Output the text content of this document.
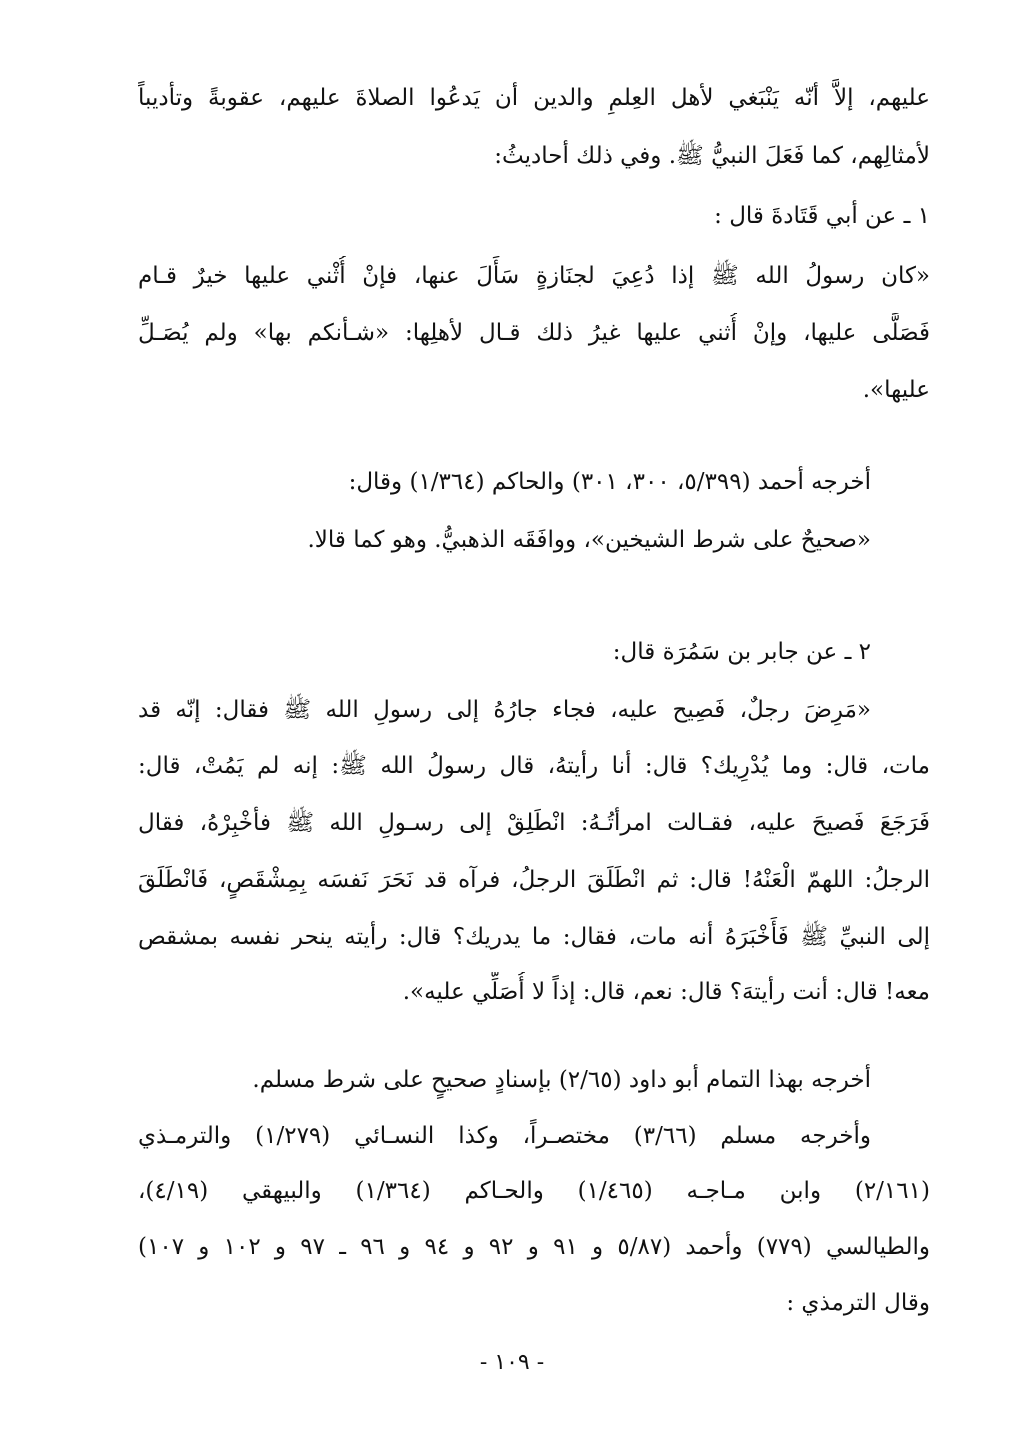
عليهم، إلاَّ أنّه يَنْبَغي لأهل العِلمِ والدين أن يَدعُوا الصلاةَ عليهم، عقوبةً وتأديباً
لأمثالِهم، كما فَعَلَ النبيُّ ﷺ. وفي ذلك أحاديثُ:
١ ـ عن أبي قَتَادةَ قال :
«كان رسولُ الله ﷺ إذا دُعِيَ لجنَازةٍ سَأَلَ عنها، فإنْ أُثْني عليها خيرٌ قـام
فَصَلَّى عليها، وإنْ أُثني عليها غيرُ ذلك قـال لأهلِها: «شـأنكم بها» ولم يُصَـلِّ
عليها».
أخرجه أحمد (٥/٣٩٩، ٣٠٠، ٣٠١) والحاكم (١/٣٦٤) وقال:
«صحيحٌ على شرط الشيخين»، ووافَقَه الذهبيُّ. وهو كما قالا.
٢ ـ عن جابر بن سَمُرَة قال:
«مَرِضَ رجلٌ، فَصِيح عليه، فجاء جارُهُ إلى رسولِ الله ﷺ فقال: إنّه قد
مات، قال: وما يُدْرِيك؟ قال: أنا رأيتهُ، قال رسولُ الله ﷺ: إنه لم يَمُتْ، قال:
فَرَجَعَ فَصيحَ عليه، فقـالت امرأتُـهُ: انْطَلِقْ إلى رسـولِ الله ﷺ فأخْبِرْهُ، فقال
الرجلُ: اللهمّ الْعَنْهُ! قال: ثم انْطَلَقَ الرجلُ، فرآه قد نَحَرَ نَفسَه بِمِشْقَصٍ، فَانْطَلَقَ
إلى النبيِّ ﷺ فَأَخْبَرَهُ أنه مات، فقال: ما يدريك؟ قال: رأيته ينحر نفسه بمشقص
معه! قال: أنت رأيتهَ؟ قال: نعم، قال: إذاً لا أُصَلِّي عليه».
أخرجه بهذا التمام أبو داود (٢/٦٥) بإسنادٍ صحيحٍ على شرط مسلم.
وأخرجه مسلم (٣/٦٦) مختصـراً، وكذا النسـائي (١/٢٧٩) والترمـذي
(٢/١٦١) وابن مـاجـه (١/٤٦٥) والحـاكم (١/٣٦٤) والبيهقي (٤/١٩)،
والطيالسي (٧٧٩) وأحمد (٥/٨٧ و ٩١ و ٩٢ و ٩٤ و ٩٦ ـ ٩٧ و ١٠٢ و ١٠٧)
وقال الترمذي :
- ١٠٩ -
